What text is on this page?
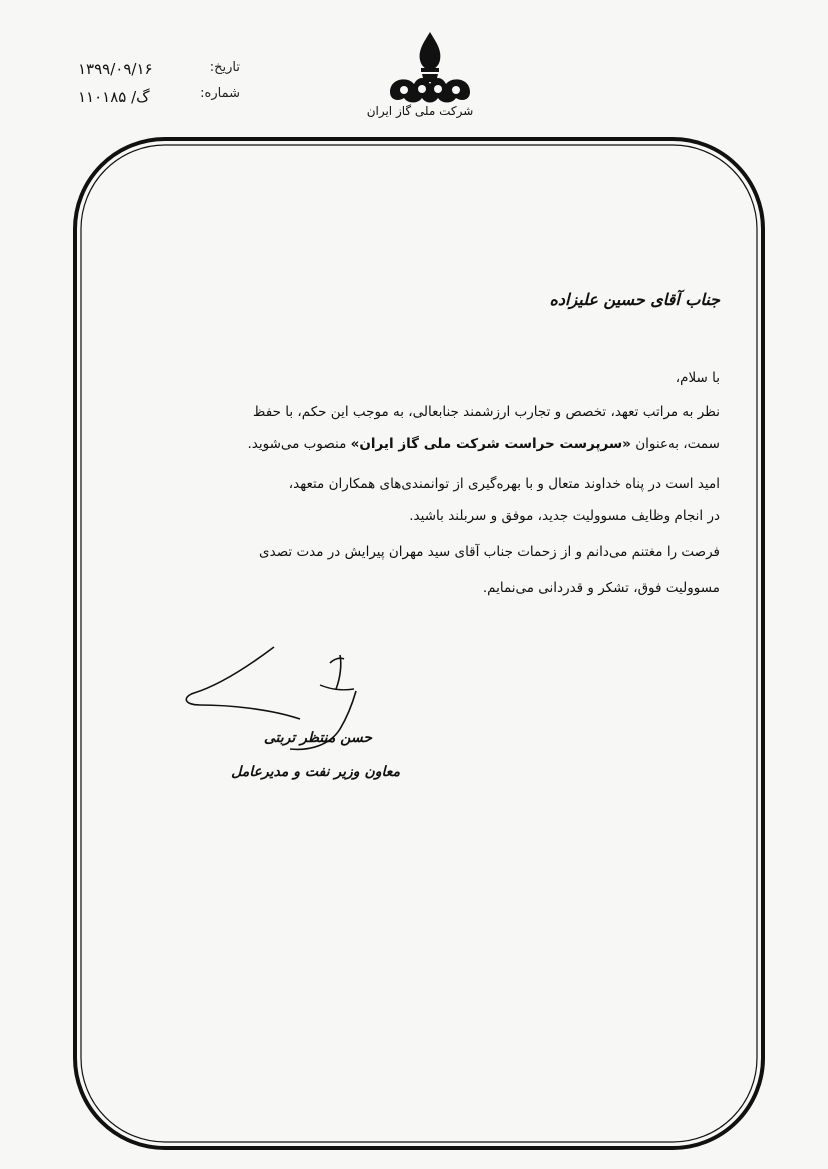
تاریخ:
۱۳۹۹/۰۹/۱۶
شماره:
۱۱۰۱۸۵ /گ
شرکت ملی گاز ایران
جناب آقای حسین علیزاده
با سلام،
نظر به مراتب تعهد، تخصص و تجارب ارزشمند جنابعالی، به موجب این حکم، با حفظ
سمت، به‌عنوان «سرپرست حراست شرکت ملی گاز ایران» منصوب می‌شوید.
امید است در پناه خداوند متعال و با بهره‌گیری از توانمندی‌های همکاران متعهد،
در انجام وظایف مسوولیت جدید، موفق و سربلند باشید.
فرصت را مغتنم می‌دانم و از زحمات جناب آقای سید مهران پیرایش در مدت تصدی
مسوولیت فوق، تشکر و قدردانی می‌نمایم.
حسن منتظر تربتی
معاون وزیر نفت و مدیرعامل
